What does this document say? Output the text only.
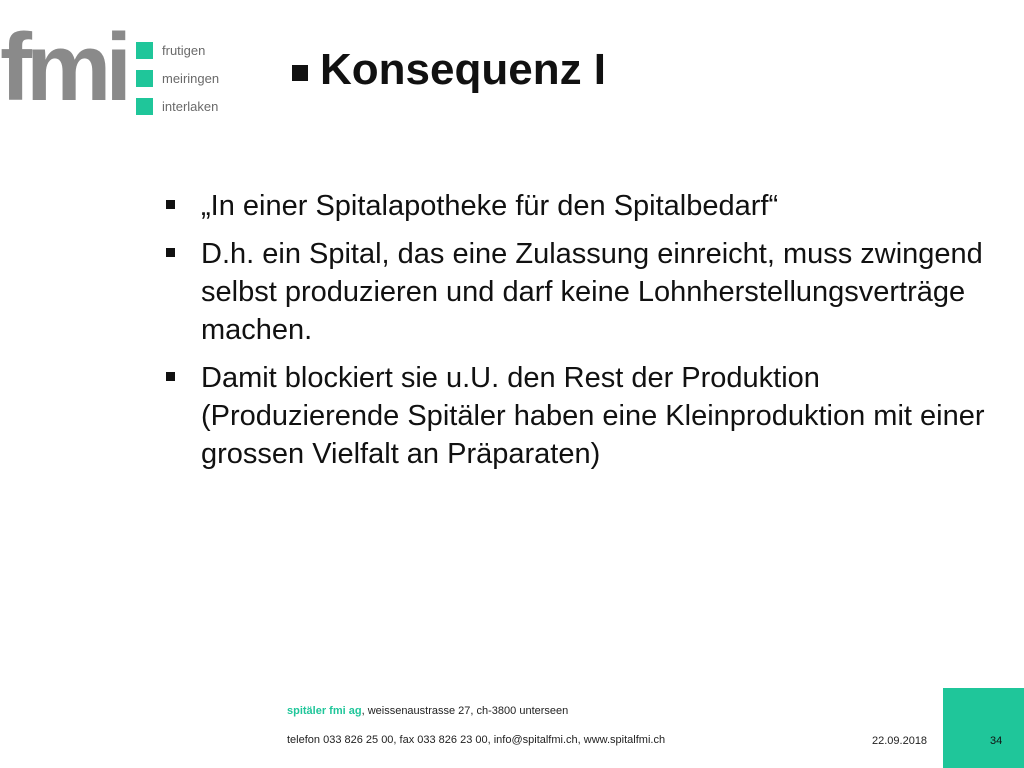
fmi	frutigen
meiringen
interlaken
Konsequenz I
„In einer Spitalapotheke für den Spitalbedarf“
D.h. ein Spital, das eine Zulassung einreicht, muss zwingend selbst produzieren und darf keine Lohnherstellungsverträge machen.
Damit blockiert sie u.U. den Rest der Produktion (Produzierende Spitäler haben eine Kleinproduktion mit einer grossen Vielfalt an Präparaten)
spitäler fmi ag, weissenaustrasse 27, ch-3800 unterseen
telefon 033 826 25 00, fax 033 826 23 00, info@spitalfmi.ch, www.spitalfmi.ch	22.09.2018	34
